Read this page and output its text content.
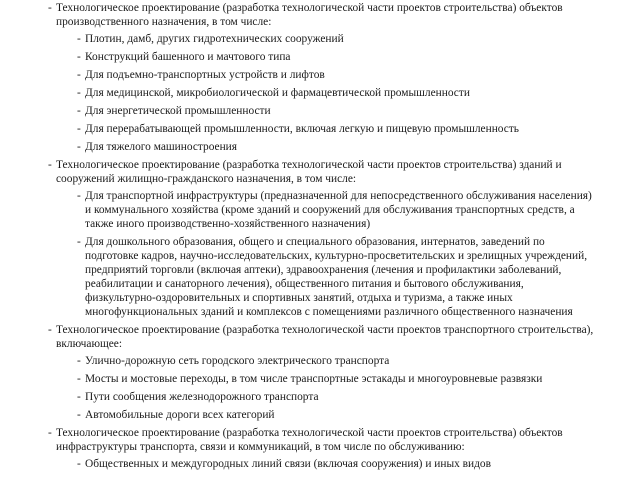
- Технологическое проектирование (разработка технологической части проектов строительства) объектов производственного назначения, в том числе:
- Плотин, дамб, других гидротехнических сооружений
- Конструкций башенного и мачтового типа
- Для подъемно-транспортных устройств и лифтов
- Для медицинской, микробиологической и фармацевтической промышленности
- Для энергетической промышленности
- Для перерабатывающей промышленности, включая легкую и пищевую промышленность
- Для тяжелого машиностроения
- Технологическое проектирование (разработка технологической части проектов строительства) зданий и сооружений жилищно-гражданского назначения, в том числе:
- Для транспортной инфраструктуры (предназначенной для непосредственного обслуживания населения) и коммунального хозяйства (кроме зданий и сооружений для обслуживания транспортных средств, а также иного производственно-хозяйственного назначения)
- Для дошкольного образования, общего и специального образования, интернатов, заведений по подготовке кадров, научно-исследовательских, культурно-просветительских и зрелищных учреждений, предприятий торговли (включая аптеки), здравоохранения (лечения и профилактики заболеваний, реабилитации и санаторного лечения), общественного питания и бытового обслуживания, физкультурно-оздоровительных и спортивных занятий, отдыха и туризма, а также иных многофункциональных зданий и комплексов с помещениями различного общественного назначения
- Технологическое проектирование (разработка технологической части проектов транспортного строительства), включающее:
- Улично-дорожную сеть городского электрического транспорта
- Мосты и мостовые переходы, в том числе транспортные эстакады и многоуровневые развязки
- Пути сообщения железнодорожного транспорта
- Автомобильные дороги всех категорий
- Технологическое проектирование (разработка технологической части проектов строительства) объектов инфраструктуры транспорта, связи и коммуникаций, в том числе по обслуживанию:
- Общественных и междугородных линий связи (включая сооружения) и иных видов
